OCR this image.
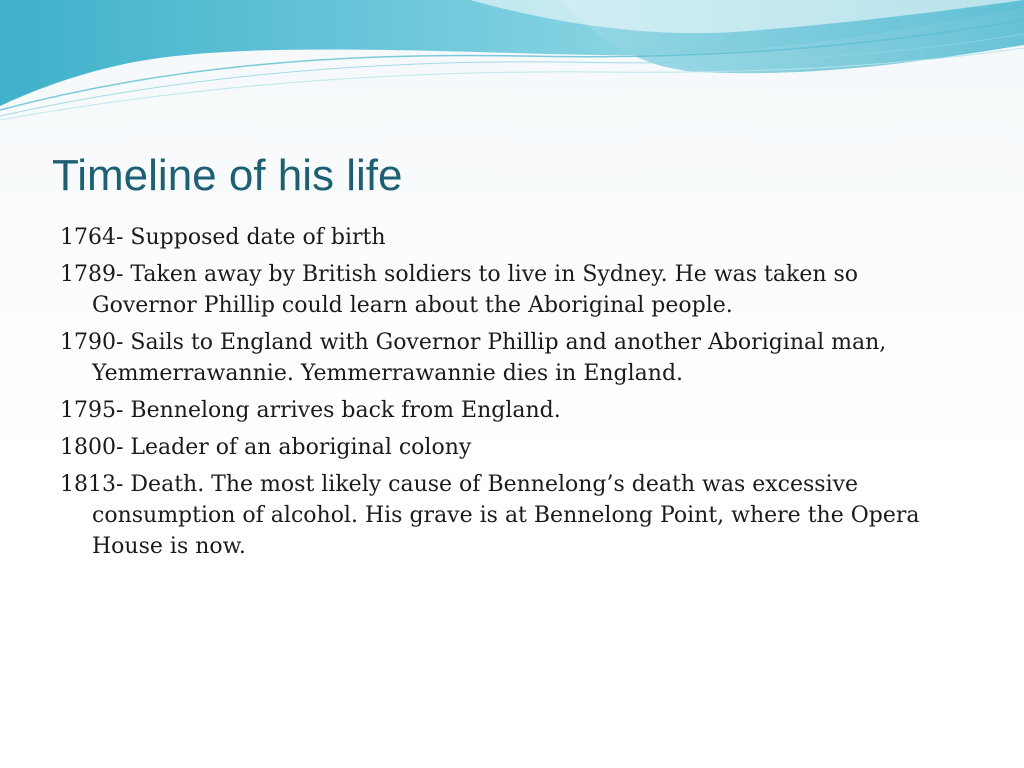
Timeline of his life
1764- Supposed date of birth
1789- Taken away by British soldiers to live in Sydney. He was taken so Governor Phillip could learn about the Aboriginal people.
1790- Sails to England with Governor Phillip and another Aboriginal man, Yemmerrawannie. Yemmerrawannie dies in England.
1795- Bennelong arrives back from England.
1800- Leader of an aboriginal colony
1813- Death. The most likely cause of Bennelong’s death was excessive consumption of alcohol. His grave is at Bennelong Point, where the Opera House is now.
